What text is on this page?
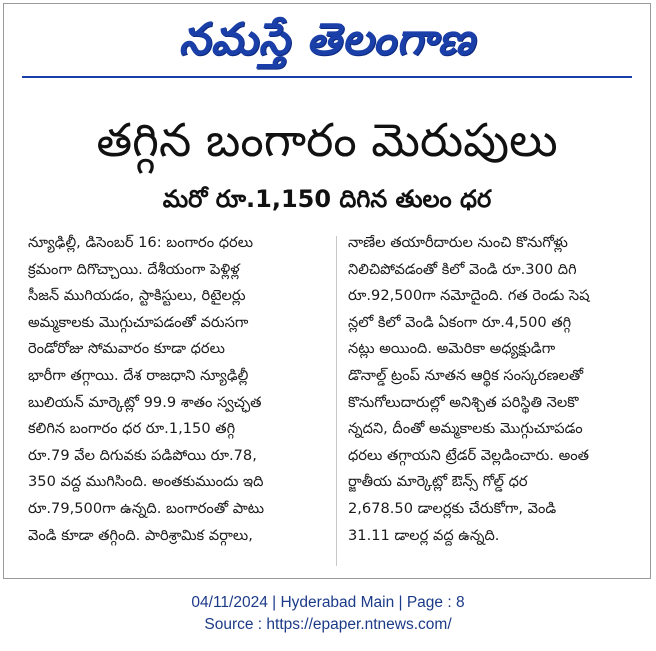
నమస్తే తెలంగాణ
తగ్గిన బంగారం మెరుపులు
మరో రూ.1,150 దిగిన తులం ధర
న్యూఢిల్లీ, డిసెంబర్ 16: బంగారం ధరలు
క్రమంగా దిగొచ్చాయి. దేశీయంగా పెళ్లిళ్ల
సీజన్ ముగియడం, స్టాకిస్టులు, రిటైలర్లు
అమ్మకాలకు మొగ్గుచూపడంతో వరుసగా
రెండోరోజు సోమవారం కూడా ధరలు
భారీగా తగ్గాయి. దేశ రాజధాని న్యూఢిల్లీ
బులియన్ మార్కెట్లో 99.9 శాతం స్వచ్ఛత
కలిగిన బంగారం ధర రూ.1,150 తగ్గి
రూ.79 వేల దిగువకు పడిపోయి రూ.78,
350 వద్ద ముగిసింది. అంతకుముందు ఇది
రూ.79,500గా ఉన్నది. బంగారంతో పాటు
వెండి కూడా తగ్గింది. పారిశ్రామిక వర్గాలు,
నాణేల తయారీదారుల నుంచి కొనుగోళ్లు
నిలిచిపోవడంతో కిలో వెండి రూ.300 దిగి
రూ.92,500గా నమోదైంది. గత రెండు సెష
న్లలో కిలో వెండి ఏకంగా రూ.4,500 తగ్గి
నట్లు అయింది. అమెరికా అధ్యక్షుడిగా
డొనాల్డ్ ట్రంప్ నూతన ఆర్థిక సంస్కరణలతో
కొనుగోలుదారుల్లో అనిశ్చిత పరిస్థితి నెలకొ
న్నదని, దీంతో అమ్మకాలకు మొగ్గుచూపడం
ధరలు తగ్గాయని ట్రేడర్ వెల్లడించారు. అంత
ర్జాతీయ మార్కెట్లో ఔన్స్ గోల్డ్ ధర
2,678.50 డాలర్లకు చేరుకోగా, వెండి
31.11 డాలర్ల వద్ద ఉన్నది.
04/11/2024 | Hyderabad Main | Page : 8
Source : https://epaper.ntnews.com/
